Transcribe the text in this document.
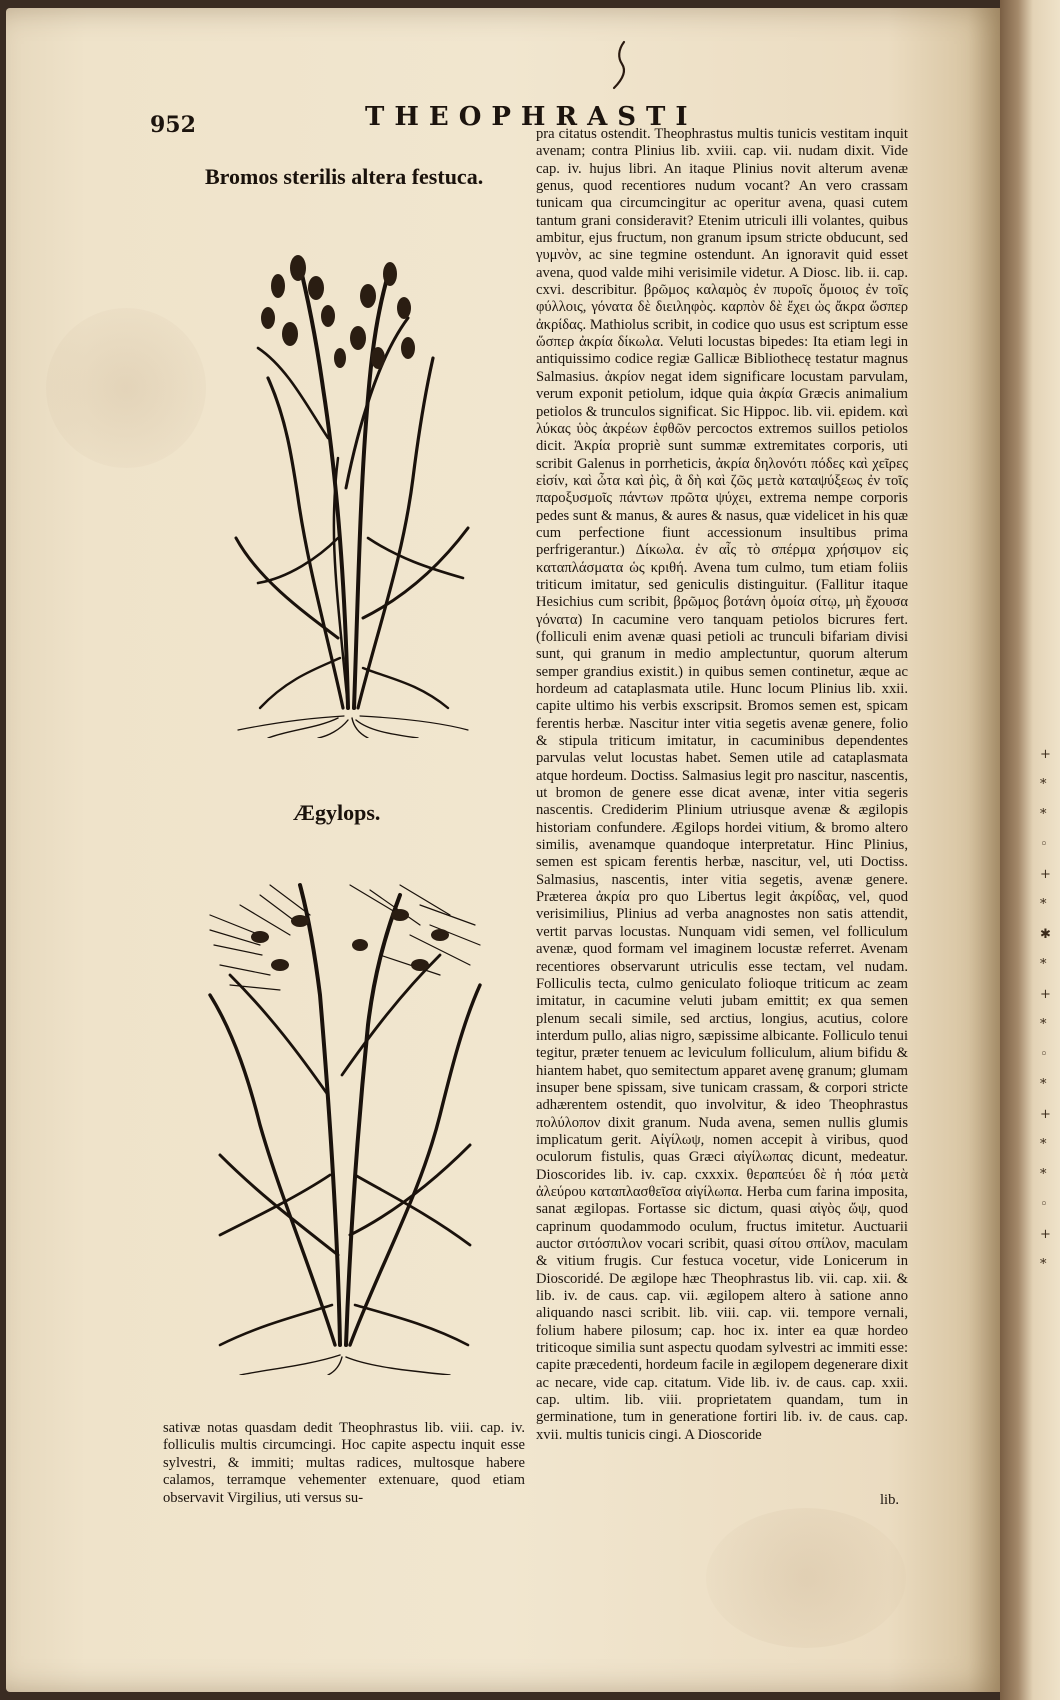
+
*
*
◦
+
*
✱
*
+
*
◦
*
+
*
*
◦
+
*
952	THEOPHRASTI
Bromos sterilis altera festuca.
Ægylops.

pra citatus ostendit. Theophrastus multis tunicis vestitam inquit avenam; contra Plinius lib. xviii. cap. vii. nudam dixit. Vide cap. iv. hujus libri. An itaque Plinius novit alterum avenæ genus, quod recentiores nudum vocant? An vero crassam tunicam qua circumcingitur ac operitur avena, quasi cutem tantum grani consideravit? Etenim utriculi illi volantes, quibus ambitur, ejus fructum, non granum ipsum stricte obducunt, sed γυμνὸν, ac sine tegmine ostendunt. An ignoravit quid esset avena, quod valde mihi verisimile videtur. A Diosc. lib. ii. cap. cxvi. describitur. βρῶμος καλαμὸς ἐν πυροῖς ὅμοιος ἐν τοῖς φύλλοις, γόνατα δὲ διειληφὸς. καρπὸν δὲ ἔχει ὡς ἄκρα ὥσπερ ἀκρίδας. Mathiolus scribit, in codice quo usus est scriptum esse ὥσπερ ἀκρία δίκωλα. Veluti locustas bipedes: Ita etiam legi in antiquissimo codice regiæ Gallicæ Bibliothecę testatur magnus Salmasius. ἀκρίον negat idem significare locustam parvulam, verum exponit petiolum, idque quia ἀκρία Græcis animalium petiolos & trunculos significat. Sic Hippoc. lib. vii. epidem. καὶ λύκας ὑὸς ἀκρέων ἑφθῶν percoctos extremos suillos petiolos dicit. Ἀκρία propriè sunt summæ extremitates corporis, uti scribit Galenus in porrheticis, ἀκρία δηλονότι πόδες καὶ χεῖρες εἰσίν, καὶ ὦτα καὶ ῥὶς, ἃ δὴ καὶ ζῶς μετὰ καταψύξεως ἐν τοῖς παροξυσμοῖς πάντων πρῶτα ψύχει, extrema nempe corporis pedes sunt & manus, & aures & nasus, quæ videlicet in his quæ cum perfectione fiunt accessionum insultibus prima perfrigerantur.) Δίκωλα. ἐν αἷς τὸ σπέρμα χρήσιμον εἰς καταπλάσματα ὡς κριθή. Avena tum culmo, tum etiam foliis triticum imitatur, sed geniculis distinguitur. (Fallitur itaque Hesichius cum scribit, βρῶμος βοτάνη ὁμοία σίτῳ, μὴ ἔχουσα γόνατα) In cacumine vero tanquam petiolos bicrures fert. (folliculi enim avenæ quasi petioli ac trunculi bifariam divisi sunt, qui granum in medio amplectuntur, quorum alterum semper grandius existit.) in quibus semen continetur, æque ac hordeum ad cataplasmata utile. Hunc locum Plinius lib. xxii. capite ultimo his verbis exscripsit. Bromos semen est, spicam ferentis herbæ. Nascitur inter vitia segetis avenæ genere, folio & stipula triticum imitatur, in cacuminibus dependentes parvulas velut locustas habet. Semen utile ad cataplasmata atque hordeum. Doctiss. Salmasius legit pro nascitur, nascentis, ut bromon de genere esse dicat avenæ, inter vitia segeris nascentis. Crediderim Plinium utriusque avenæ & ægilopis historiam confundere. Ægilops hordei vitium, & bromo altero similis, avenamque quandoque interpretatur. Hinc Plinius, semen est spicam ferentis herbæ, nascitur, vel, uti Doctiss. Salmasius, nascentis, inter vitia segetis, avenæ genere. Præterea ἀκρία pro quo Libertus legit ἀκρίδας, vel, quod verisimilius, Plinius ad verba anagnostes non satis attendit, vertit parvas locustas. Nunquam vidi semen, vel folliculum avenæ, quod formam vel imaginem locustæ referret. Avenam recentiores observarunt utriculis esse tectam, vel nudam. Folliculis tecta, culmo geniculato folioque triticum ac zeam imitatur, in cacumine veluti jubam emittit; ex qua semen plenum secali simile, sed arctius, longius, acutius, colore interdum pullo, alias nigro, sæpissime albicante. Folliculo tenui tegitur, præter tenuem ac leviculum folliculum, alium bifidu & hiantem habet, quo semitectum apparet avenę granum; glumam insuper bene spissam, sive tunicam crassam, & corpori stricte adhærentem ostendit, quo involvitur, & ideo Theophrastus πολύλοπον dixit granum. Nuda avena, semen nullis glumis implicatum gerit. Αἰγίλωψ, nomen accepit à viribus, quod oculorum fistulis, quas Græci αἰγίλωπας dicunt, medeatur. Dioscorides lib. iv. cap. cxxxix. θεραπεύει δὲ ἡ πόα μετὰ ἀλεύρου καταπλασθεῖσα αἰγίλωπα. Herba cum farina imposita, sanat ægilopas. Fortasse sic dictum, quasi αἰγὸς ὤψ, quod caprinum quodammodo oculum, fructus imitetur. Auctuarii auctor σιτόσπιλον vocari scribit, quasi σίτου σπίλον, maculam & vitium frugis. Cur festuca vocetur, vide Lonicerum in Dioscoridé. De ægilope hæc Theophrastus lib. vii. cap. xii. & lib. iv. de caus. cap. vii. ægilopem altero à satione anno aliquando nasci scribit. lib. viii. cap. vii. tempore vernali, folium habere pilosum; cap. hoc ix. inter ea quæ hordeo triticoque similia sunt aspectu quodam sylvestri ac immiti esse: capite præcedenti, hordeum facile in ægilopem degenerare dixit ac necare, vide cap. citatum. Vide lib. iv. de caus. cap. xxii. cap. ultim. lib. viii. proprietatem quandam, tum in germinatione, tum in generatione fortiri lib. iv. de caus. cap. xvii. multis tunicis cingi. A Dioscoride

sativæ notas quasdam dedit Theophrastus lib. viii. cap. iv. folliculis multis circumcingi. Hoc capite aspectu inquit esse sylvestri, & immiti; multas radices, multosque habere calamos, terramque vehementer extenuare, quod etiam observavit Virgilius, uti versus su-	lib.
